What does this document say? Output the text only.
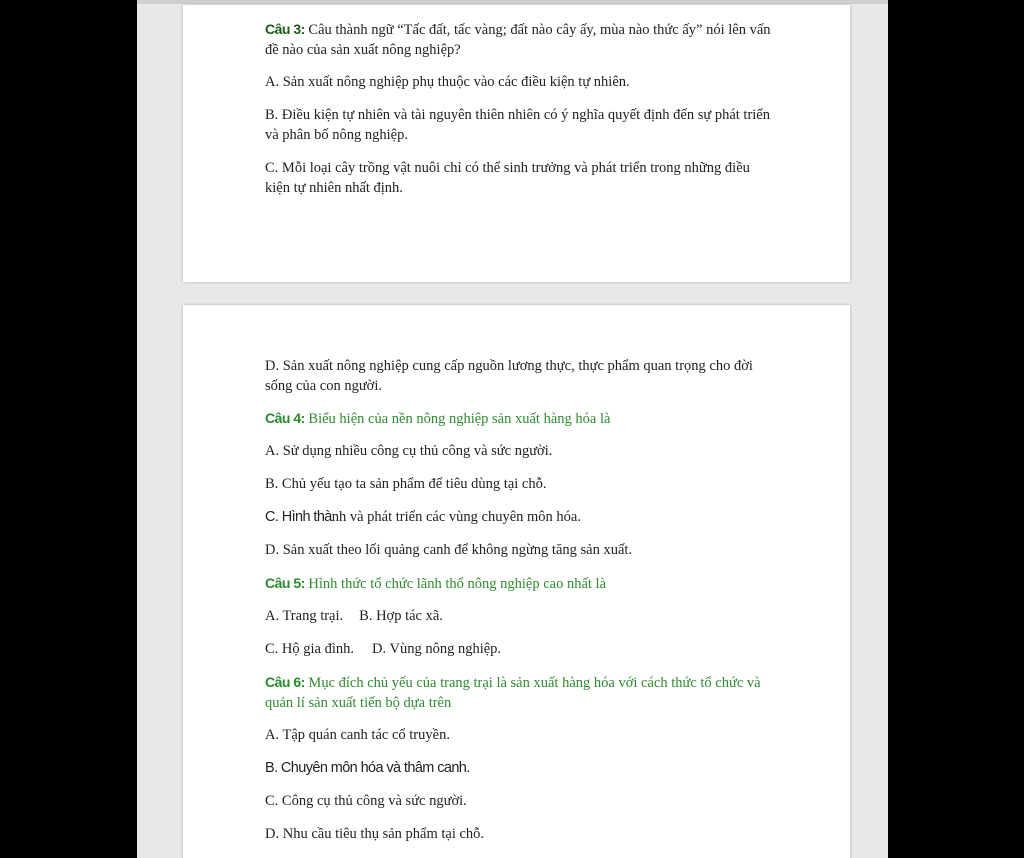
Câu 3: Câu thành ngữ “Tấc đất, tấc vàng; đất nào cây ấy, mùa nào thức ấy” nói lên vấn đề nào của sản xuất nông nghiệp?

A. Sản xuất nông nghiệp phụ thuộc vào các điều kiện tự nhiên.

B. Điều kiện tự nhiên và tài nguyên thiên nhiên có ý nghĩa quyết định đến sự phát triển và phân bố nông nghiệp.

C. Mỗi loại cây trồng vật nuôi chỉ có thể sinh trưởng và phát triển trong những điều kiện tự nhiên nhất định.

D. Sản xuất nông nghiệp cung cấp nguồn lương thực, thực phẩm quan trọng cho đời sống của con người.

Câu 4: Biểu hiện của nền nông nghiệp sản xuất hàng hóa là

A. Sử dụng nhiều công cụ thủ công và sức người.

B. Chủ yếu tạo ta sản phẩm để tiêu dùng tại chỗ.

C. Hình thành và phát triển các vùng chuyên môn hóa.

D. Sản xuất theo lối quảng canh để không ngừng tăng sản xuất.

Câu 5: Hình thức tổ chức lãnh thổ nông nghiệp cao nhất là

A. Trang trại. B. Hợp tác xã.

C. Hộ gia đình. D. Vùng nông nghiệp.

Câu 6: Mục đích chủ yếu của trang trại là sản xuất hàng hóa với cách thức tổ chức và quản lí sản xuất tiến bộ dựa trên

A. Tập quán canh tác cổ truyền.

B. Chuyên môn hóa và thâm canh.

C. Công cụ thủ công và sức người.

D. Nhu cầu tiêu thụ sản phẩm tại chỗ.
